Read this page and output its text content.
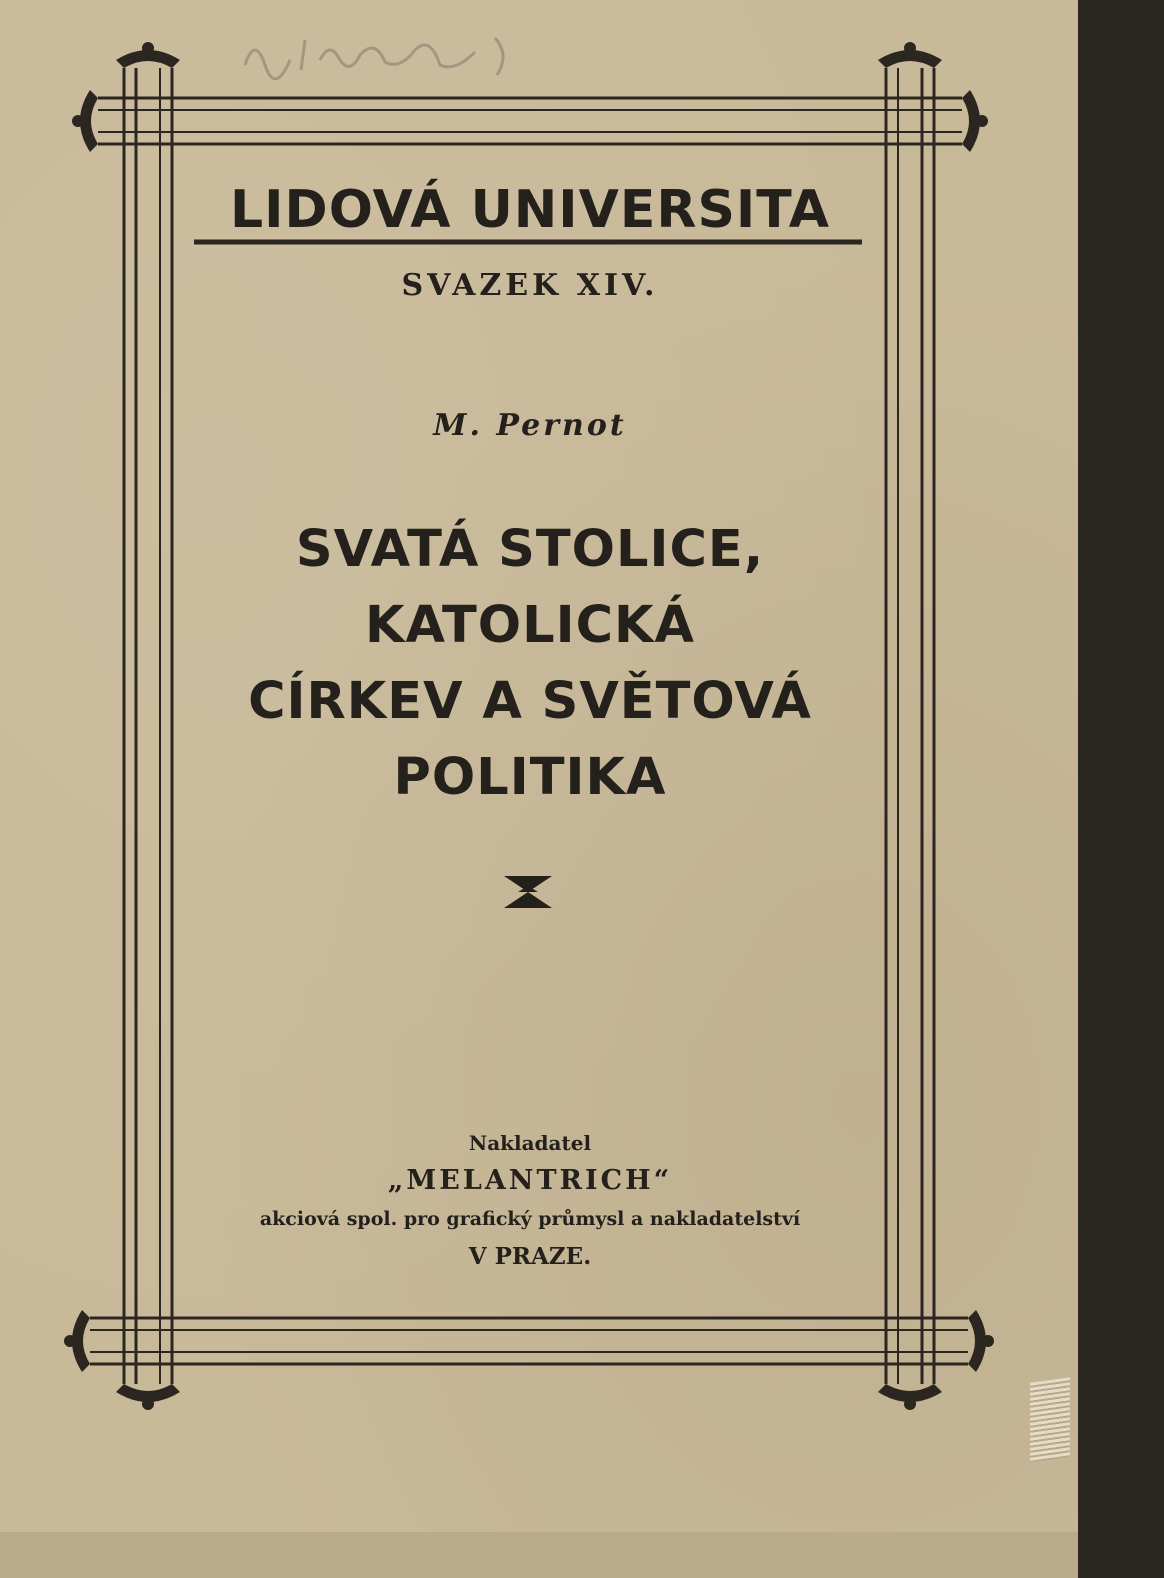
LIDOVÁ UNIVERSITA
SVAZEK XIV.
M. Pernot
SVATÁ STOLICE,
KATOLICKÁ
CÍRKEV A SVĚTOVÁ
POLITIKA
Nakladatel
„MELANTRICH“
akciová spol. pro grafický průmysl a nakladatelství
V PRAZE.
